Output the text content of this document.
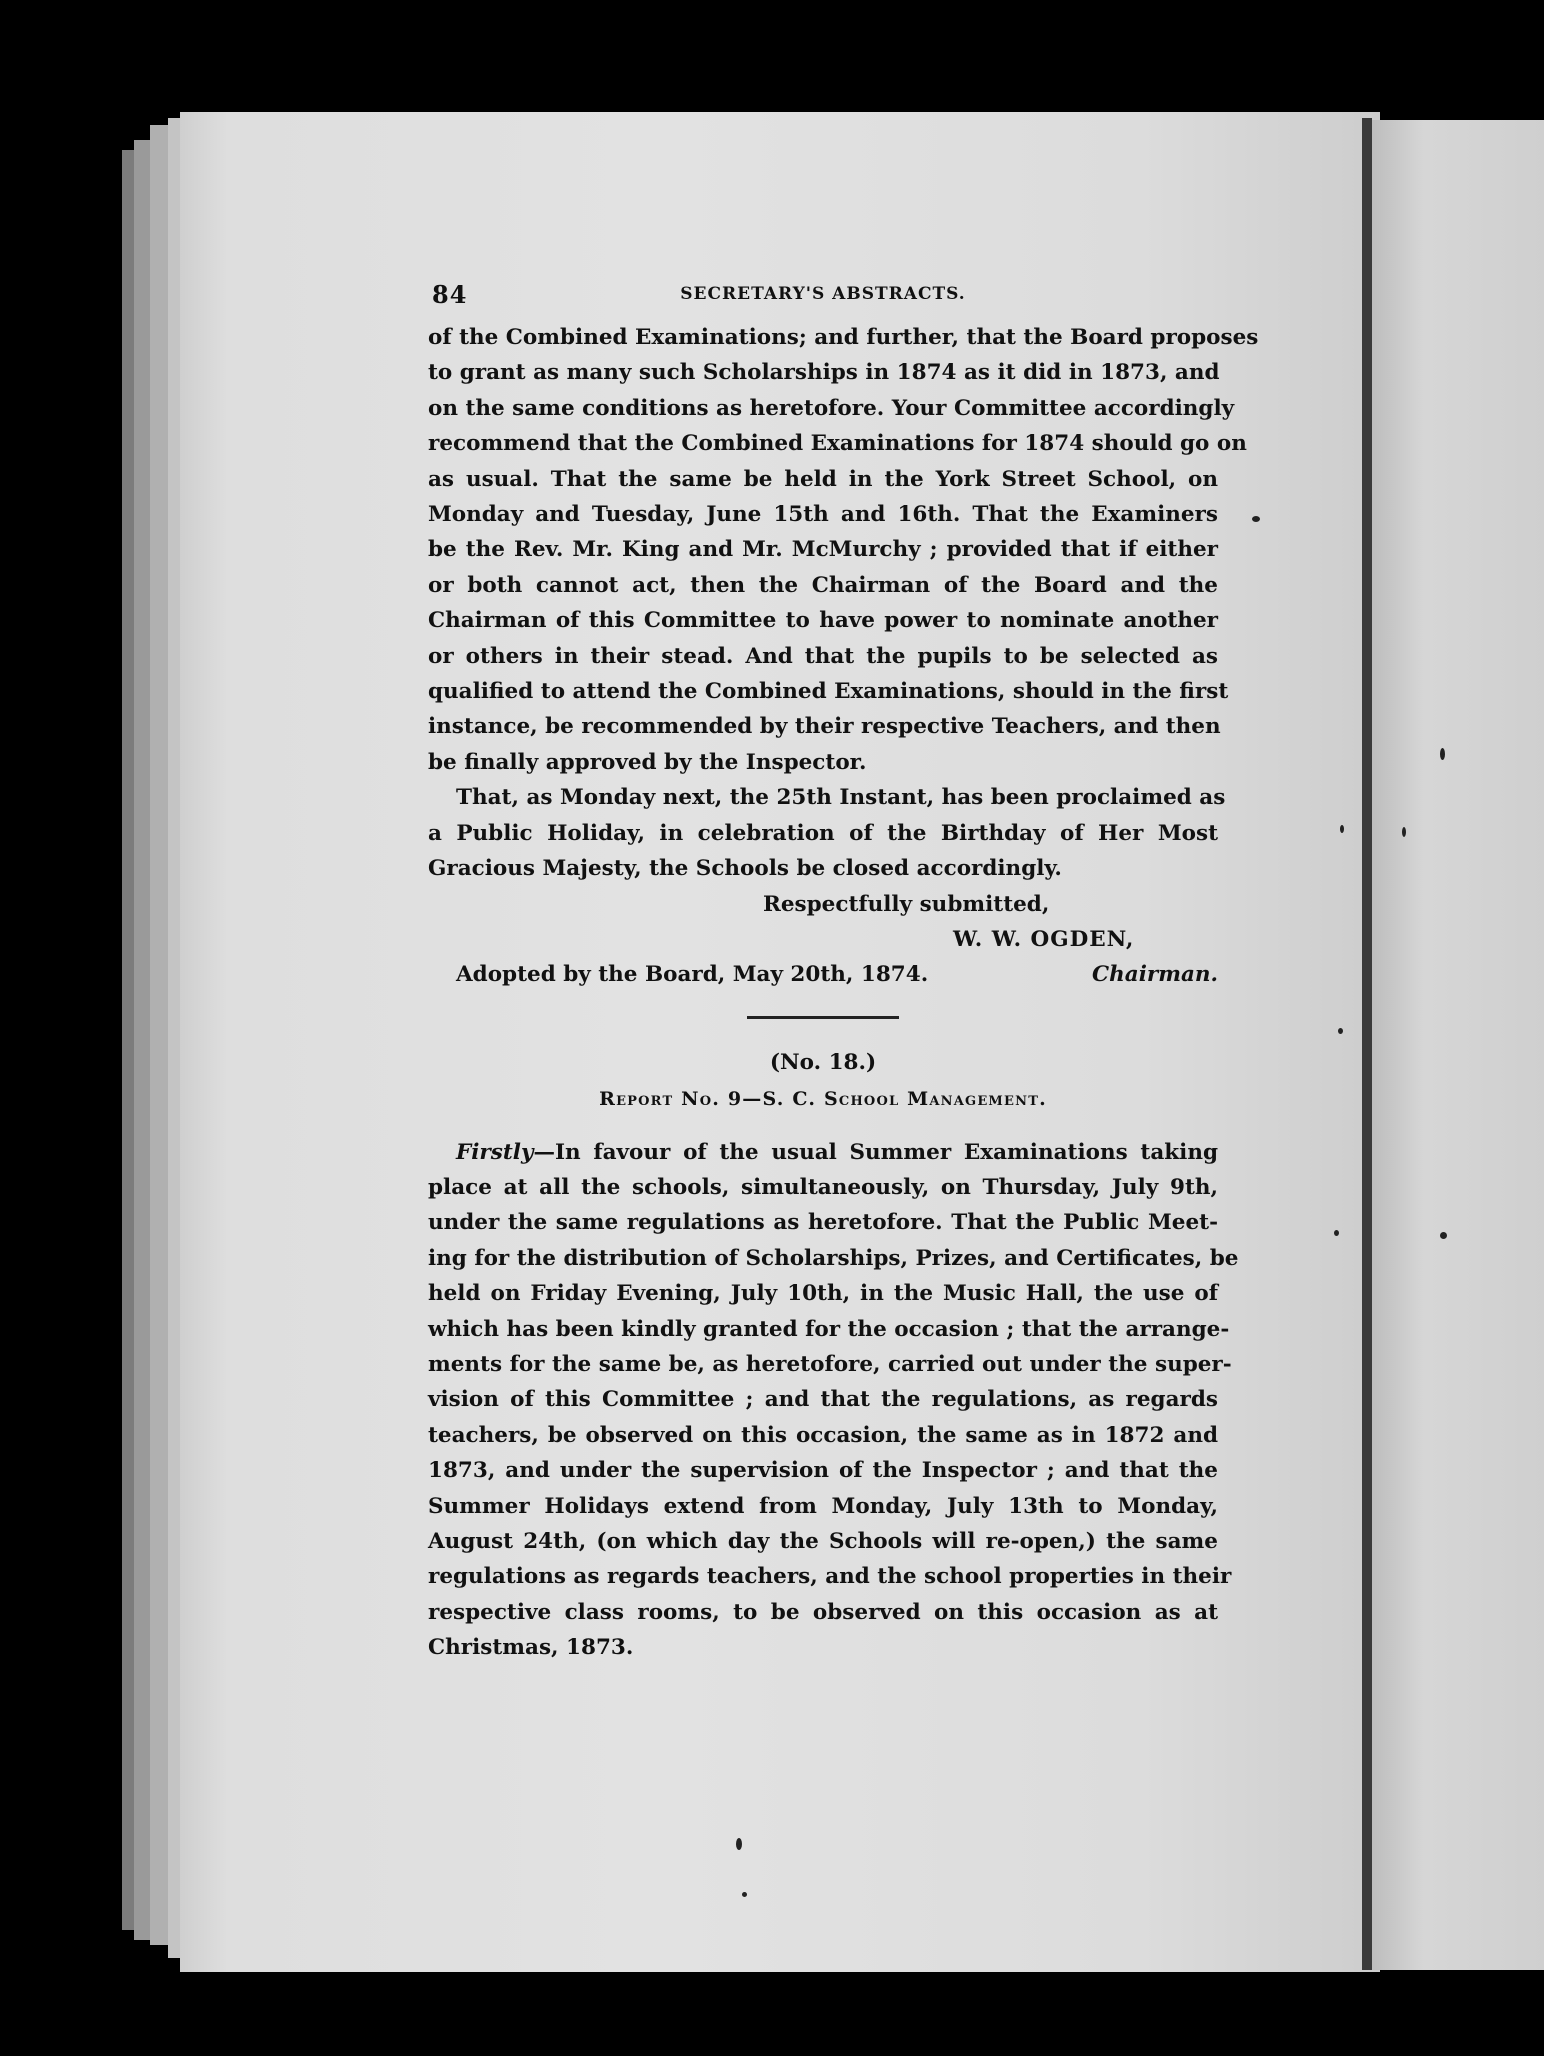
84	SECRETARY'S ABSTRACTS.
of the Combined Examinations; and further, that the Board proposes
to grant as many such Scholarships in 1874 as it did in 1873, and
on the same conditions as heretofore. Your Committee accordingly
recommend that the Combined Examinations for 1874 should go on
as usual. That the same be held in the York Street School, on
Monday and Tuesday, June 15th and 16th. That the Examiners
be the Rev. Mr. King and Mr. McMurchy ; provided that if either
or both cannot act, then the Chairman of the Board and the
Chairman of this Committee to have power to nominate another
or others in their stead. And that the pupils to be selected as
qualified to attend the Combined Examinations, should in the first
instance, be recommended by their respective Teachers, and then
be finally approved by the Inspector.
That, as Monday next, the 25th Instant, has been proclaimed as
a Public Holiday, in celebration of the Birthday of Her Most
Gracious Majesty, the Schools be closed accordingly.
Respectfully submitted,
W. W. OGDEN,
Adopted by the Board, May 20th, 1874.	Chairman.
(No. 18.)
Report No. 9—S. C. School Management.
Firstly—In favour of the usual Summer Examinations taking
place at all the schools, simultaneously, on Thursday, July 9th,
under the same regulations as heretofore. That the Public Meet-
ing for the distribution of Scholarships, Prizes, and Certificates, be
held on Friday Evening, July 10th, in the Music Hall, the use of
which has been kindly granted for the occasion ; that the arrange-
ments for the same be, as heretofore, carried out under the super-
vision of this Committee ; and that the regulations, as regards
teachers, be observed on this occasion, the same as in 1872 and
1873, and under the supervision of the Inspector ; and that the
Summer Holidays extend from Monday, July 13th to Monday,
August 24th, (on which day the Schools will re-open,) the same
regulations as regards teachers, and the school properties in their
respective class rooms, to be observed on this occasion as at
Christmas, 1873.
